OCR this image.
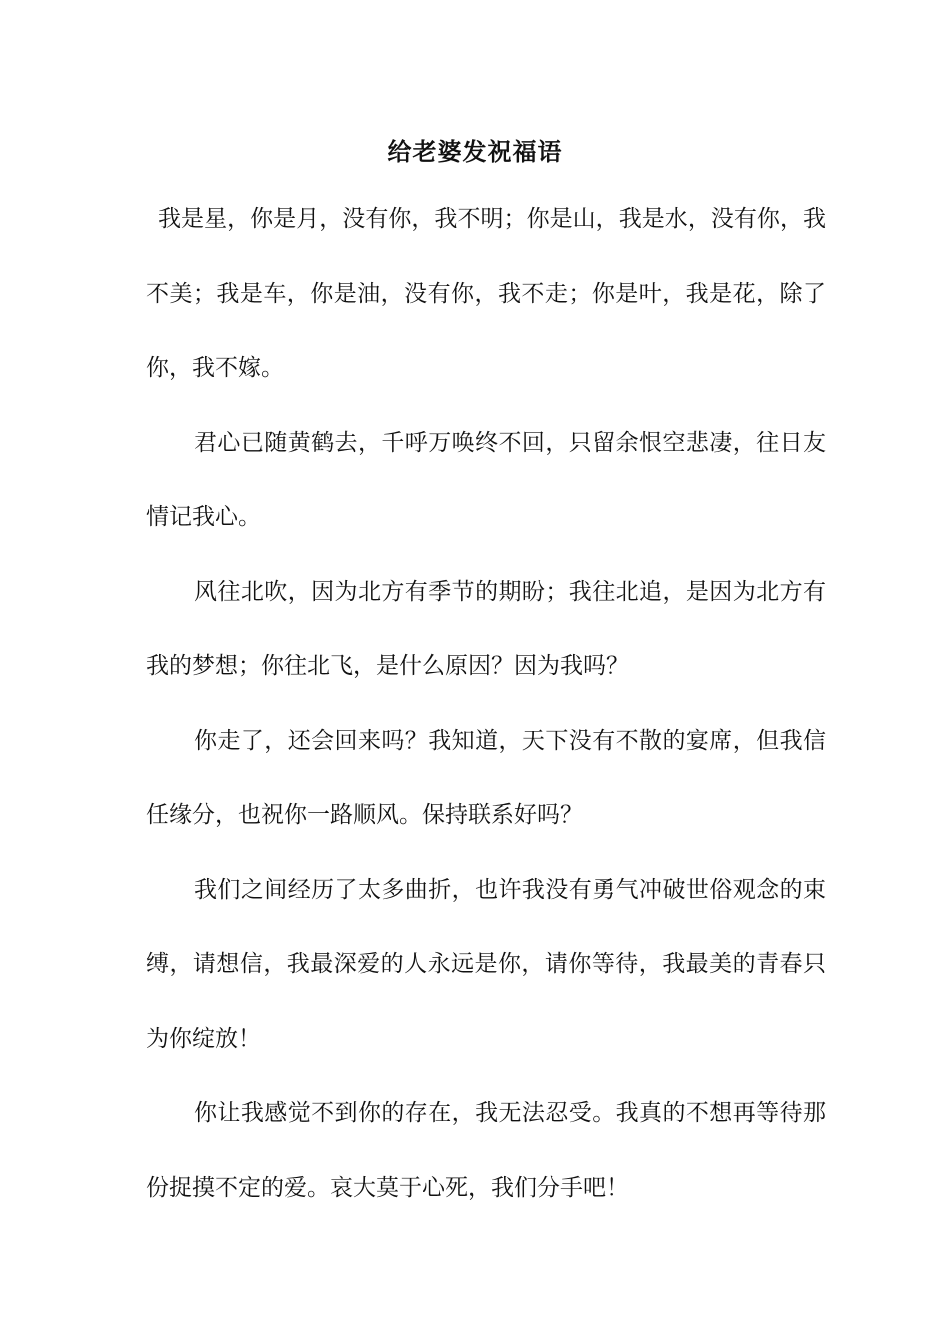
给老婆发祝福语

我是星，你是月，没有你，我不明；你是山，我是水，没有你，我不美；我是车，你是油，没有你，我不走；你是叶，我是花，除了你，我不嫁。

君心已随黄鹤去，千呼万唤终不回，只留余恨空悲凄，往日友情记我心。

风往北吹，因为北方有季节的期盼；我往北追，是因为北方有我的梦想；你往北飞，是什么原因？因为我吗？

你走了，还会回来吗？我知道，天下没有不散的宴席，但我信任缘分，也祝你一路顺风。保持联系好吗？

我们之间经历了太多曲折，也许我没有勇气冲破世俗观念的束缚，请想信，我最深爱的人永远是你，请你等待，我最美的青春只为你绽放！

你让我感觉不到你的存在，我无法忍受。我真的不想再等待那份捉摸不定的爱。哀大莫于心死，我们分手吧！
